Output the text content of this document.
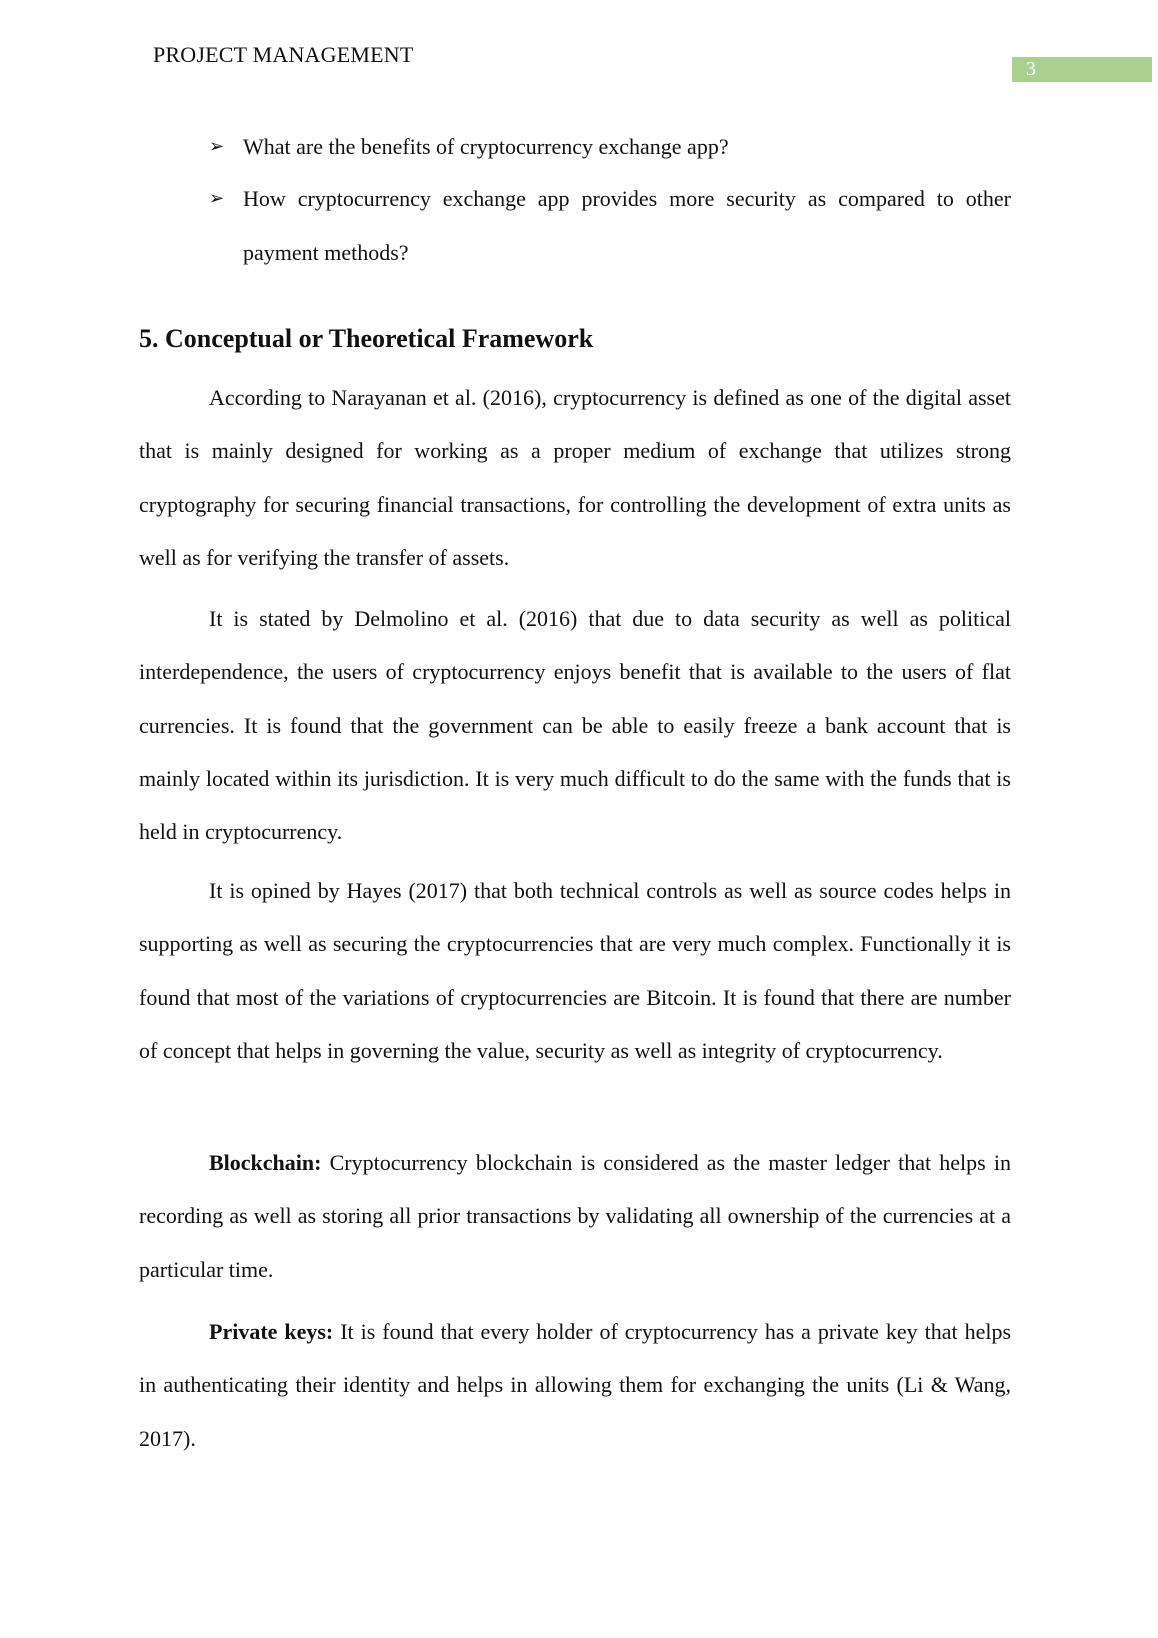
PROJECT MANAGEMENT
3
➢ What are the benefits of cryptocurrency exchange app?
➢ How cryptocurrency exchange app provides more security as compared to other payment methods?
5. Conceptual or Theoretical Framework
According to Narayanan et al. (2016), cryptocurrency is defined as one of the digital asset that is mainly designed for working as a proper medium of exchange that utilizes strong cryptography for securing financial transactions, for controlling the development of extra units as well as for verifying the transfer of assets.
It is stated by Delmolino et al. (2016) that due to data security as well as political interdependence, the users of cryptocurrency enjoys benefit that is available to the users of flat currencies. It is found that the government can be able to easily freeze a bank account that is mainly located within its jurisdiction. It is very much difficult to do the same with the funds that is held in cryptocurrency.
It is opined by Hayes (2017) that both technical controls as well as source codes helps in supporting as well as securing the cryptocurrencies that are very much complex. Functionally it is found that most of the variations of cryptocurrencies are Bitcoin. It is found that there are number of concept that helps in governing the value, security as well as integrity of cryptocurrency.
Blockchain: Cryptocurrency blockchain is considered as the master ledger that helps in recording as well as storing all prior transactions by validating all ownership of the currencies at a particular time.
Private keys: It is found that every holder of cryptocurrency has a private key that helps in authenticating their identity and helps in allowing them for exchanging the units (Li & Wang, 2017).
